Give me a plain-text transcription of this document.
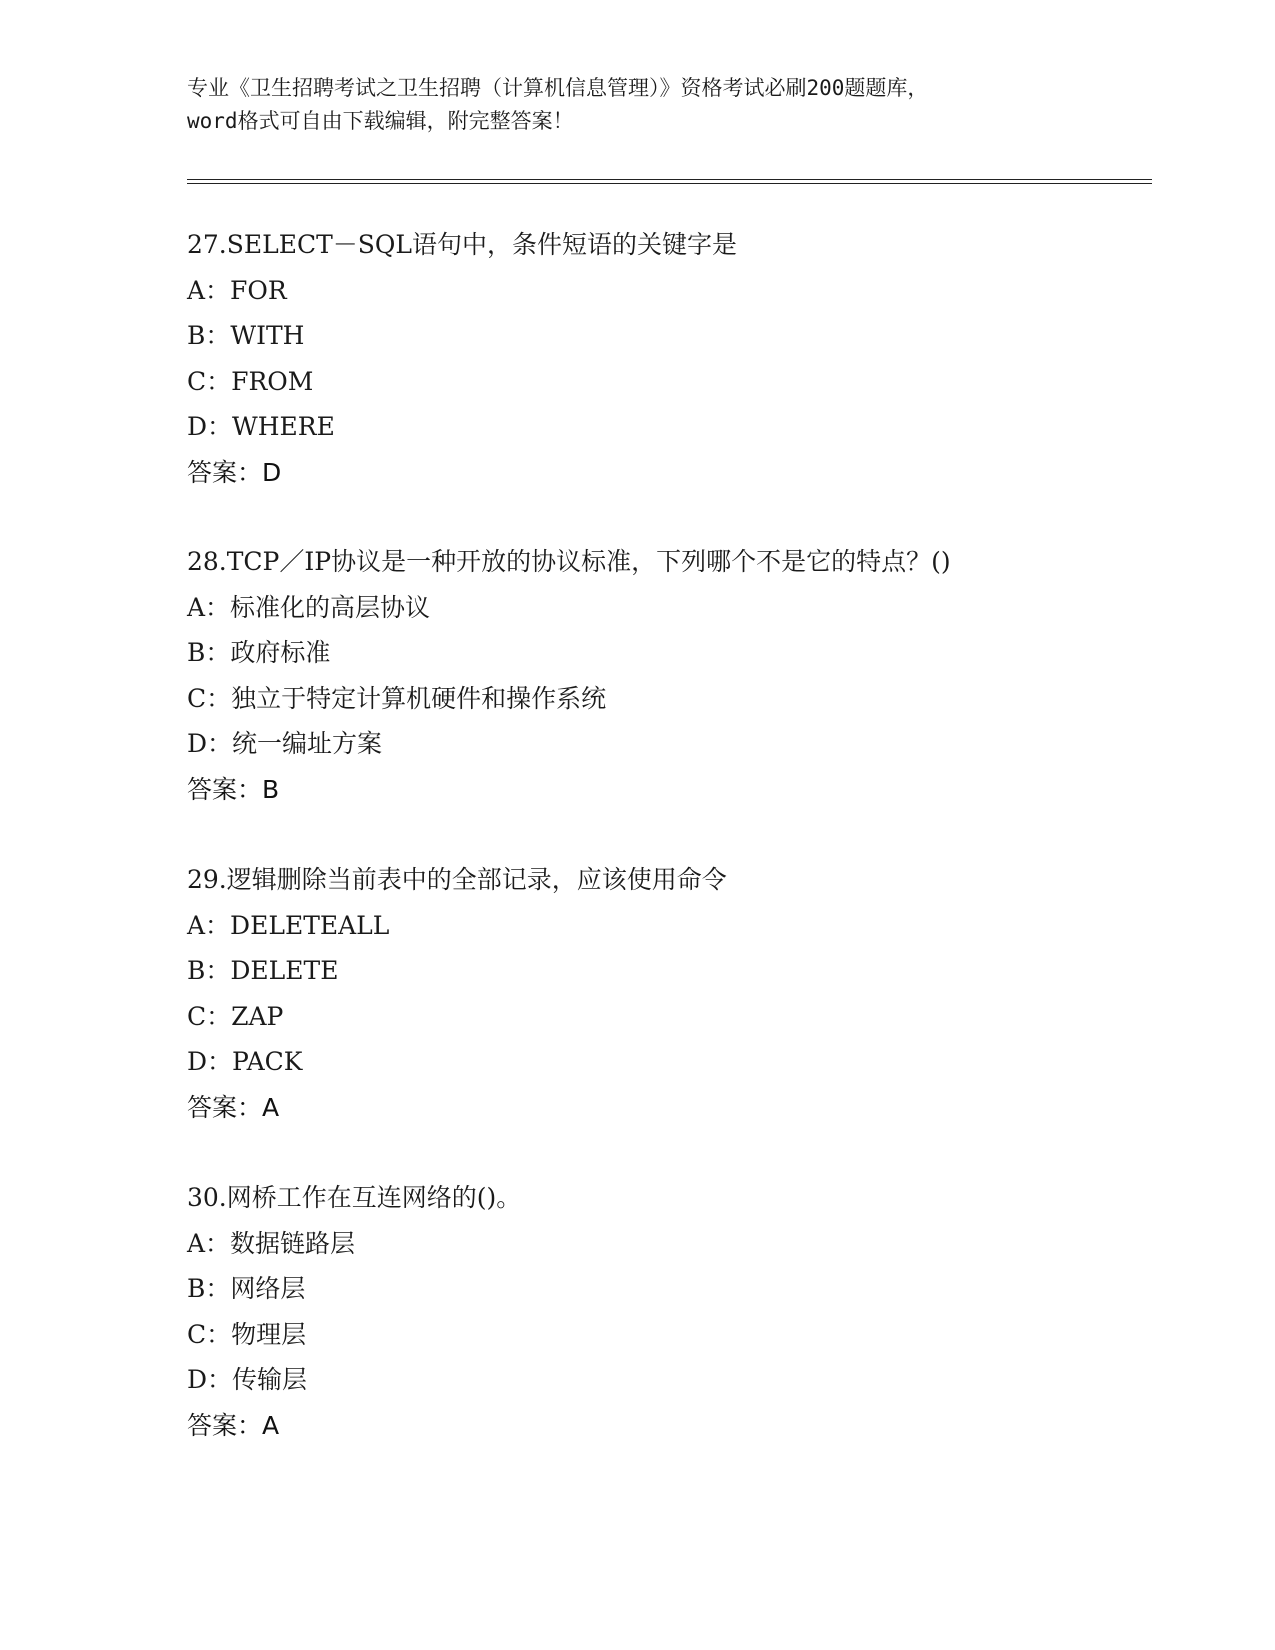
专业《卫生招聘考试之卫生招聘（计算机信息管理）》资格考试必刷200题题库，
word格式可自由下载编辑，附完整答案！
27.SELECT－SQL语句中，条件短语的关键字是
A：FOR
B：WITH
C：FROM
D：WHERE
答案：D
28.TCP／IP协议是一种开放的协议标准，下列哪个不是它的特点？()
A：标准化的高层协议
B：政府标准
C：独立于特定计算机硬件和操作系统
D：统一编址方案
答案：B
29.逻辑删除当前表中的全部记录，应该使用命令
A：DELETEALL
B：DELETE
C：ZAP
D：PACK
答案：A
30.网桥工作在互连网络的()。
A：数据链路层
B：网络层
C：物理层
D：传输层
答案：A
